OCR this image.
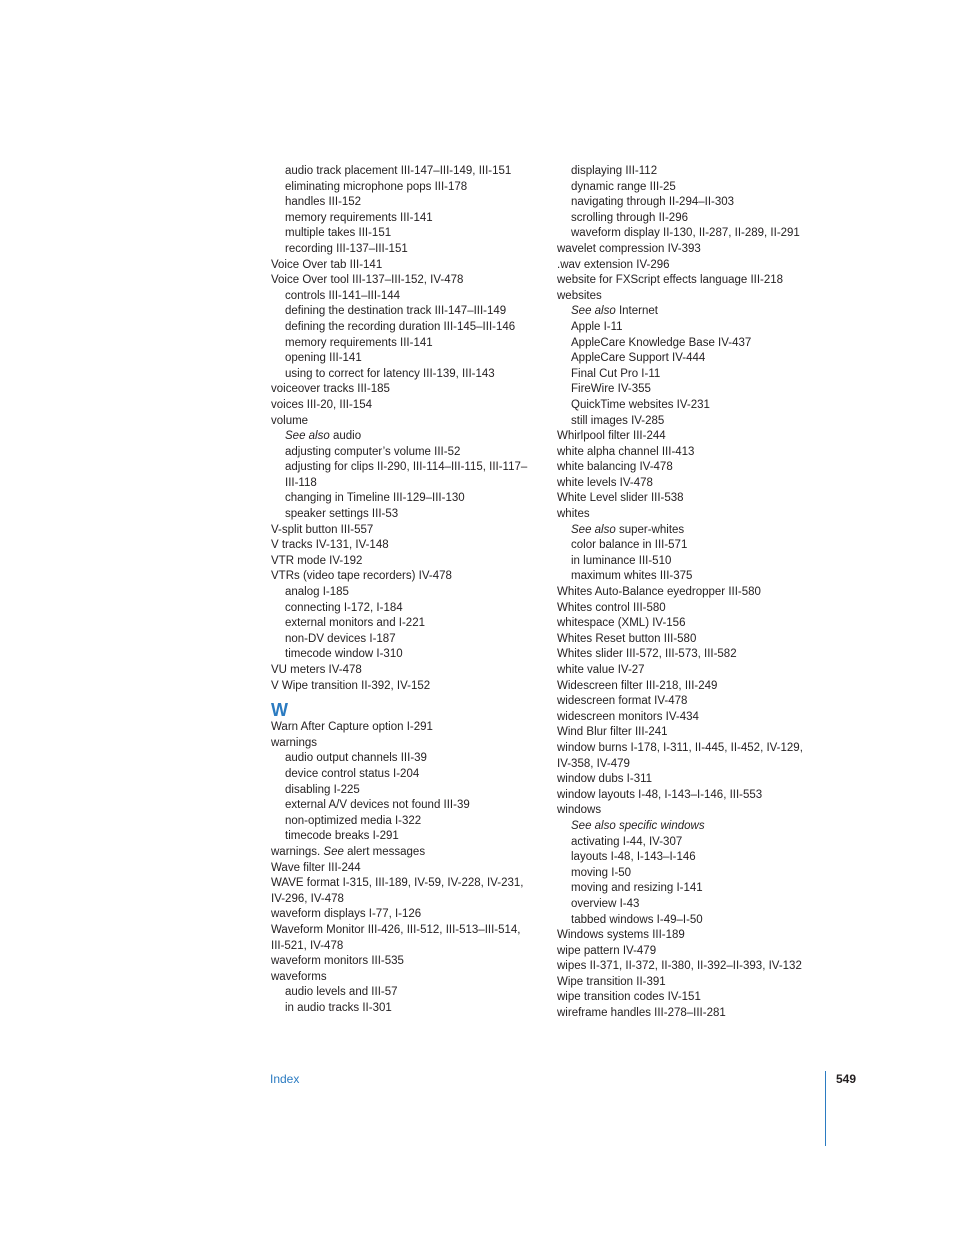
audio track placement III-147–III-149, III-151
eliminating microphone pops III-178
handles III-152
memory requirements III-141
multiple takes III-151
recording III-137–III-151
Voice Over tab III-141
Voice Over tool III-137–III-152, IV-478
controls III-141–III-144
defining the destination track III-147–III-149
defining the recording duration III-145–III-146
memory requirements III-141
opening III-141
using to correct for latency III-139, III-143
voiceover tracks III-185
voices III-20, III-154
volume
See also audio
adjusting computer’s volume III-52
adjusting for clips II-290, III-114–III-115, III-117–
III-118
changing in Timeline III-129–III-130
speaker settings III-53
V-split button III-557
V tracks IV-131, IV-148
VTR mode IV-192
VTRs (video tape recorders) IV-478
analog I-185
connecting I-172, I-184
external monitors and I-221
non-DV devices I-187
timecode window I-310
VU meters IV-478
V Wipe transition II-392, IV-152
W
Warn After Capture option I-291
warnings
audio output channels III-39
device control status I-204
disabling I-225
external A/V devices not found III-39
non-optimized media I-322
timecode breaks I-291
warnings. See alert messages
Wave filter III-244
WAVE format I-315, III-189, IV-59, IV-228, IV-231,
IV-296, IV-478
waveform displays I-77, I-126
Waveform Monitor III-426, III-512, III-513–III-514,
III-521, IV-478
waveform monitors III-535
waveforms
audio levels and III-57
in audio tracks II-301
displaying III-112
dynamic range III-25
navigating through II-294–II-303
scrolling through II-296
waveform display II-130, II-287, II-289, II-291
wavelet compression IV-393
.wav extension IV-296
website for FXScript effects language III-218
websites
See also Internet
Apple I-11
AppleCare Knowledge Base IV-437
AppleCare Support IV-444
Final Cut Pro I-11
FireWire IV-355
QuickTime websites IV-231
still images IV-285
Whirlpool filter III-244
white alpha channel III-413
white balancing IV-478
white levels IV-478
White Level slider III-538
whites
See also super-whites
color balance in III-571
in luminance III-510
maximum whites III-375
Whites Auto-Balance eyedropper III-580
Whites control III-580
whitespace (XML) IV-156
Whites Reset button III-580
Whites slider III-572, III-573, III-582
white value IV-27
Widescreen filter III-218, III-249
widescreen format IV-478
widescreen monitors IV-434
Wind Blur filter III-241
window burns I-178, I-311, II-445, II-452, IV-129,
IV-358, IV-479
window dubs I-311
window layouts I-48, I-143–I-146, III-553
windows
See also specific windows
activating I-44, IV-307
layouts I-48, I-143–I-146
moving I-50
moving and resizing I-141
overview I-43
tabbed windows I-49–I-50
Windows systems III-189
wipe pattern IV-479
wipes II-371, II-372, II-380, II-392–II-393, IV-132
Wipe transition II-391
wipe transition codes IV-151
wireframe handles III-278–III-281
Index	549
